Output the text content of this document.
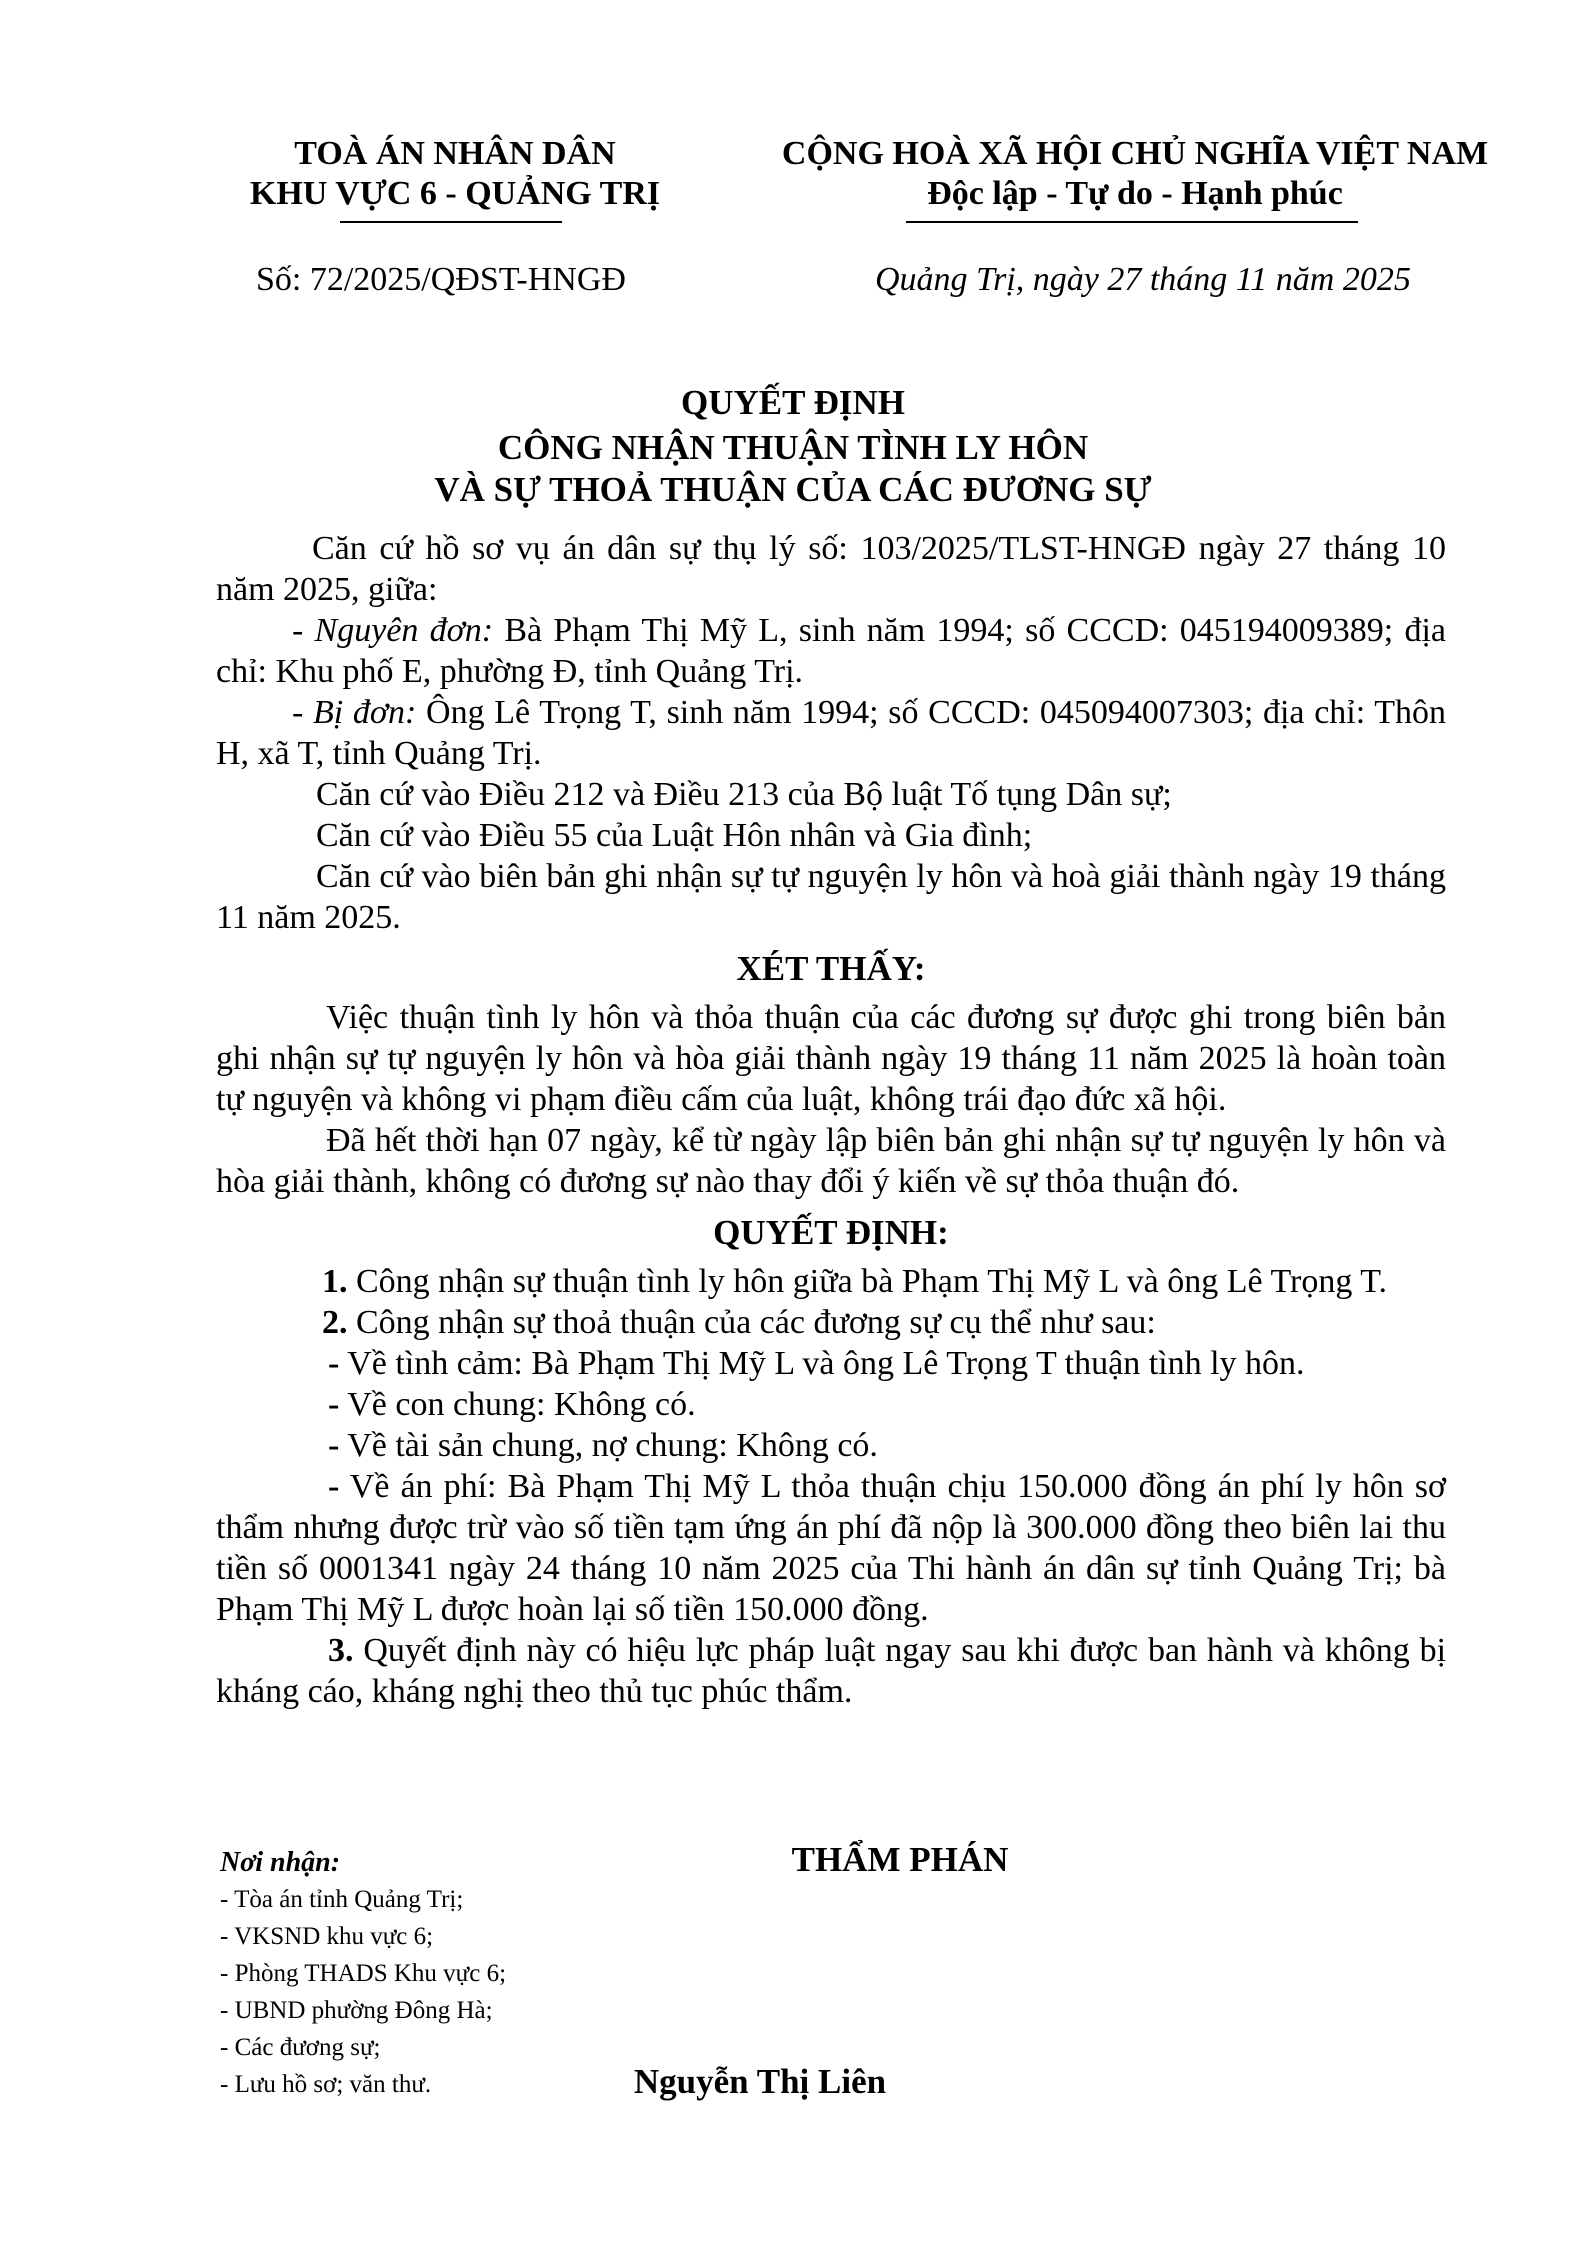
TOÀ ÁN NHÂN DÂN
KHU VỰC 6 - QUẢNG TRỊ
CỘNG HOÀ XÃ HỘI CHỦ NGHĨA VIỆT NAM
Độc lập - Tự do - Hạnh phúc
Số: 72/2025/QĐST-HNGĐ	Quảng Trị, ngày 27 tháng 11 năm 2025
QUYẾT ĐỊNH
CÔNG NHẬN THUẬN TÌNH LY HÔN
VÀ SỰ THOẢ THUẬN CỦA CÁC ĐƯƠNG SỰ

Căn cứ hồ sơ vụ án dân sự thụ lý số: 103/2025/TLST-HNGĐ ngày 27 tháng 10 năm 2025, giữa:

- Nguyên đơn: Bà Phạm Thị Mỹ L, sinh năm 1994; số CCCD: 045194009389; địa chỉ: Khu phố E, phường Đ, tỉnh Quảng Trị.

- Bị đơn: Ông Lê Trọng T, sinh năm 1994; số CCCD: 045094007303; địa chỉ: Thôn H, xã T, tỉnh Quảng Trị.

Căn cứ vào Điều 212 và Điều 213 của Bộ luật Tố tụng Dân sự;

Căn cứ vào Điều 55 của Luật Hôn nhân và Gia đình;

Căn cứ vào biên bản ghi nhận sự tự nguyện ly hôn và hoà giải thành ngày 19 tháng 11 năm 2025.

XÉT THẤY:

Việc thuận tình ly hôn và thỏa thuận của các đương sự được ghi trong biên bản ghi nhận sự tự nguyện ly hôn và hòa giải thành ngày 19 tháng 11 năm 2025 là hoàn toàn tự nguyện và không vi phạm điều cấm của luật, không trái đạo đức xã hội.

Đã hết thời hạn 07 ngày, kể từ ngày lập biên bản ghi nhận sự tự nguyện ly hôn và hòa giải thành, không có đương sự nào thay đổi ý kiến về sự thỏa thuận đó.

QUYẾT ĐỊNH:

1. Công nhận sự thuận tình ly hôn giữa bà Phạm Thị Mỹ L và ông Lê Trọng T.

2. Công nhận sự thoả thuận của các đương sự cụ thể như sau:

- Về tình cảm: Bà Phạm Thị Mỹ L và ông Lê Trọng T thuận tình ly hôn.

- Về con chung: Không có.

- Về tài sản chung, nợ chung: Không có.

- Về án phí: Bà Phạm Thị Mỹ L thỏa thuận chịu 150.000 đồng án phí ly hôn sơ thẩm nhưng được trừ vào số tiền tạm ứng án phí đã nộp là 300.000 đồng theo biên lai thu tiền số 0001341 ngày 24 tháng 10 năm 2025 của Thi hành án dân sự tỉnh Quảng Trị; bà Phạm Thị Mỹ L được hoàn lại số tiền 150.000 đồng.

3. Quyết định này có hiệu lực pháp luật ngay sau khi được ban hành và không bị kháng cáo, kháng nghị theo thủ tục phúc thẩm.

Nơi nhận:
- Tòa án tỉnh Quảng Trị;
- VKSND khu vực 6;
- Phòng THADS Khu vực 6;
- UBND phường Đông Hà;
- Các đương sự;
- Lưu hồ sơ; văn thư.
THẨM PHÁN
Nguyễn Thị Liên
